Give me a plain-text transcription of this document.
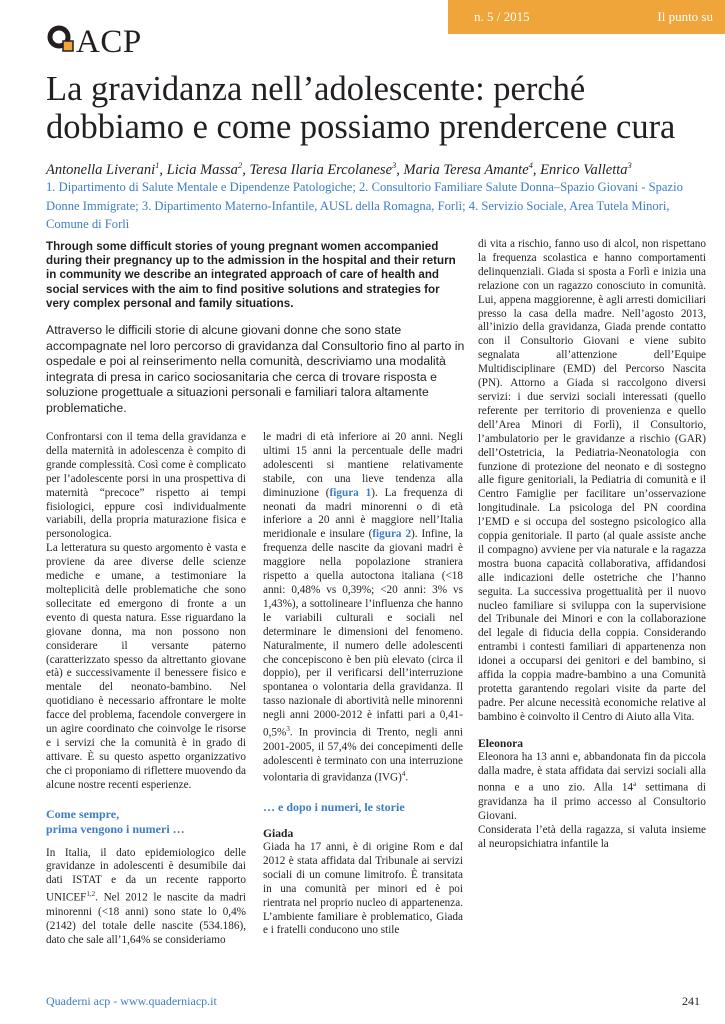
n. 5 / 2015	Il punto su
ACP
La gravidanza nell’adolescente: perché dobbiamo e come possiamo prendercene cura

Antonella Liverani$^1$, Licia Massa$^2$, Teresa Ilaria Ercolanese$^3$, Maria Teresa Amante$^4$, Enrico Valletta$^3$

1. Dipartimento di Salute Mentale e Dipendenze Patologiche; 2. Consultorio Familiare Salute Donna–Spazio Giovani - Spazio Donne Immigrate; 3. Dipartimento Materno-Infantile, AUSL della Romagna, Forlì; 4. Servizio Sociale, Area Tutela Minori, Comune di Forlì

Through some difficult stories of young pregnant women accompanied during their pregnancy up to the admission in the hospital and their return in community we describe an integrated approach of care of health and social services with the aim to find positive solutions and strategies for very complex personal and family situations.

Attraverso le difficili storie di alcune giovani donne che sono state accompagnate nel loro percorso di gravidanza dal Consultorio fino al parto in ospedale e poi al reinserimento nella comunità, descriviamo una modalità integrata di presa in carico sociosanitaria che cerca di trovare risposta e soluzione progettuale a situazioni personali e familiari talora altamente problematiche.

Confrontarsi con il tema della gravidanza e della maternità in adolescenza è compito di grande complessità. Così come è complicato per l’adolescente porsi in una prospettiva di maternità “precoce” rispetto ai tempi fisiologici, eppure così individualmente variabili, della propria maturazione fisica e personologica.

La letteratura su questo argomento è vasta e proviene da aree diverse delle scienze mediche e umane, a testimoniare la molteplicità delle problematiche che sono sollecitate ed emergono di fronte a un evento di questa natura. Esse riguardano la giovane donna, ma non possono non considerare il versante paterno (caratterizzato spesso da altrettanto giovane età) e successivamente il benessere fisico e mentale del neonato-bambino. Nel quotidiano è necessario affrontare le molte facce del problema, facendole convergere in un agire coordinato che coinvolge le risorse e i servizi che la comunità è in grado di attivare. È su questo aspetto organizzativo che ci proponiamo di riflettere muovendo da alcune nostre recenti esperienze.

Come sempre,
prima vengono i numeri …

In Italia, il dato epidemiologico delle gravidanze in adolescenti è desumibile dai dati ISTAT e da un recente rapporto UNICEF$^{1,2}$. Nel 2012 le nascite da madri minorenni (<18 anni) sono state lo 0,4% (2142) del totale delle nascite (534.186), dato che sale all’1,64% se consideriamo

le madri di età inferiore ai 20 anni. Negli ultimi 15 anni la percentuale delle madri adolescenti si mantiene relativamente stabile, con una lieve tendenza alla diminuzione (figura 1). La frequenza di neonati da madri minorenni o di età inferiore a 20 anni è maggiore nell’Italia meridionale e insulare (figura 2). Infine, la frequenza delle nascite da giovani madri è maggiore nella popolazione straniera rispetto a quella autoctona italiana (<18 anni: 0,48% vs 0,39%; <20 anni: 3% vs 1,43%), a sottolineare l’influenza che hanno le variabili culturali e sociali nel determinare le dimensioni del fenomeno. Naturalmente, il numero delle adolescenti che concepiscono è ben più elevato (circa il doppio), per il verificarsi dell’interruzione spontanea o volontaria della gravidanza. Il tasso nazionale di abortività nelle minorenni negli anni 2000-2012 è infatti pari a 0,41-0,5%$^3$. In provincia di Trento, negli anni 2001-2005, il 57,4% dei concepimenti delle adolescenti è terminato con una interruzione volontaria di gravidanza (IVG)$^4$.

… e dopo i numeri, le storie

Giada

Giada ha 17 anni, è di origine Rom e dal 2012 è stata affidata dal Tribunale ai servizi sociali di un comune limitrofo. È transitata in una comunità per minori ed è poi rientrata nel proprio nucleo di appartenenza. L’ambiente familiare è problematico, Giada e i fratelli conducono uno stile

di vita a rischio, fanno uso di alcol, non rispettano la frequenza scolastica e hanno comportamenti delinquenziali. Giada si sposta a Forlì e inizia una relazione con un ragazzo conosciuto in comunità. Lui, appena maggiorenne, è agli arresti domiciliari presso la casa della madre. Nell’agosto 2013, all’inizio della gravidanza, Giada prende contatto con il Consultorio Giovani e viene subito segnalata all’attenzione dell’Equipe Multidisciplinare (EMD) del Percorso Nascita (PN). Attorno a Giada si raccolgono diversi servizi: i due servizi sociali interessati (quello referente per territorio di provenienza e quello dell’Area Minori di Forlì), il Consultorio, l’ambulatorio per le gravidanze a rischio (GAR) dell’Ostetricia, la Pediatria-Neonatologia con funzione di protezione del neonato e di sostegno alle figure genitoriali, la Pediatria di comunità e il Centro Famiglie per facilitare un’osservazione longitudinale. La psicologa del PN coordina l’EMD e si occupa del sostegno psicologico alla coppia genitoriale. Il parto (al quale assiste anche il compagno) avviene per via naturale e la ragazza mostra buona capacità collaborativa, affidandosi alle indicazioni delle ostetriche che l’hanno seguita. La successiva progettualità per il nuovo nucleo familiare si sviluppa con la supervisione del Tribunale dei Minori e con la collaborazione del legale di fiducia della coppia. Considerando entrambi i contesti familiari di appartenenza non idonei a occuparsi dei genitori e del bambino, si affida la coppia madre-bambino a una Comunità protetta garantendo regolari visite da parte del padre. Per alcune necessità economiche relative al bambino è coinvolto il Centro di Aiuto alla Vita.

Eleonora

Eleonora ha 13 anni e, abbandonata fin da piccola dalla madre, è stata affidata dai servizi sociali alla nonna e a uno zio. Alla 14$^a$ settimana di gravidanza ha il primo accesso al Consultorio Giovani.

Considerata l’età della ragazza, si valuta insieme al neuropsichiatra infantile la

Quaderni acp - www.quaderniacp.it	241
